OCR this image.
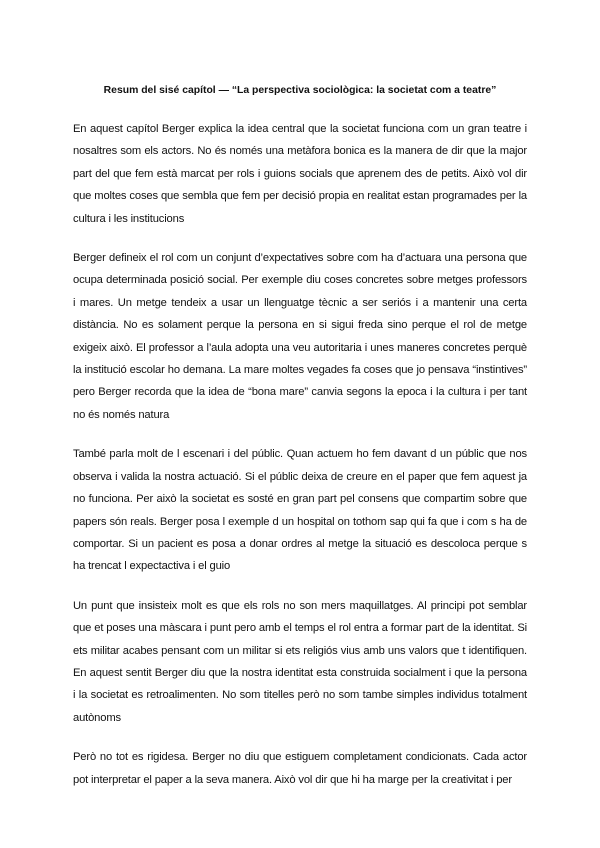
Resum del sisé capítol — “La perspectiva sociològica: la societat com a teatre”

En aquest capítol Berger explica la idea central que la societat funciona com un gran teatre i nosaltres som els actors. No és només una metàfora bonica es la manera de dir que la major part del que fem està marcat per rols i guions socials que aprenem des de petits. Això vol dir que moltes coses que sembla que fem per decisió propia en realitat estan programades per la cultura i les institucions

Berger defineix el rol com un conjunt d’expectatives sobre com ha d’actuara una persona que ocupa determinada posició social. Per exemple diu coses concretes sobre metges professors i mares. Un metge tendeix a usar un llenguatge tècnic a ser seriós i a mantenir una certa distància. No es solament perque la persona en si sigui freda sino perque el rol de metge exigeix això. El professor a l’aula adopta una veu autoritaria i unes maneres concretes perquè la institució escolar ho demana. La mare moltes vegades fa coses que jo pensava “instintives” pero Berger recorda que la idea de “bona mare” canvia segons la epoca i la cultura i per tant no és només natura

També parla molt de l escenari i del públic. Quan actuem ho fem davant d un públic que nos observa i valida la nostra actuació. Si el públic deixa de creure en el paper que fem aquest ja no funciona. Per això la societat es sosté en gran part pel consens que compartim sobre que papers són reals. Berger posa l exemple d un hospital on tothom sap qui fa que i com s ha de comportar. Si un pacient es posa a donar ordres al metge la situació es descoloca perque s ha trencat l expectactiva i el guio

Un punt que insisteix molt es que els rols no son mers maquillatges. Al principi pot semblar que et poses una màscara i punt pero amb el temps el rol entra a formar part de la identitat. Si ets militar acabes pensant com un militar si ets religiós vius amb uns valors que t identifiquen. En aquest sentit Berger diu que la nostra identitat esta construida socialment i que la persona i la societat es retroalimenten. No som titelles però no som tambe simples individus totalment autònoms

Però no tot es rigidesa. Berger no diu que estiguem completament condicionats. Cada actor pot interpretar el paper a la seva manera. Això vol dir que hi ha marge per la creativitat i per
